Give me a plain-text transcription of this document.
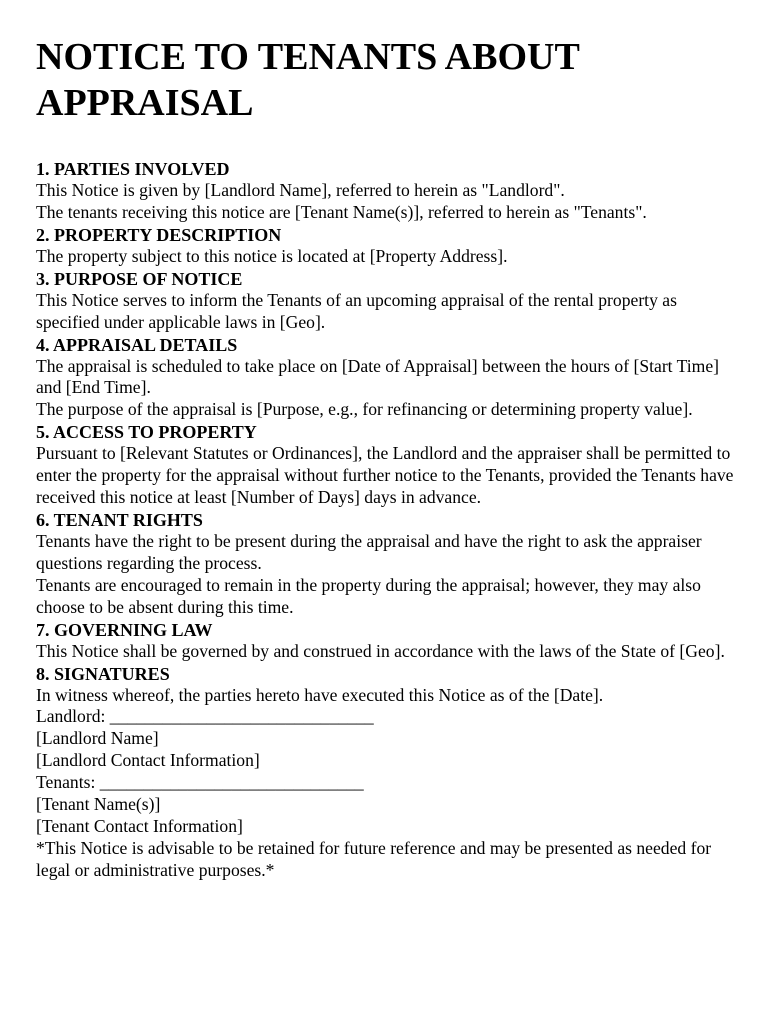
NOTICE TO TENANTS ABOUT APPRAISAL

1. PARTIES INVOLVED

This Notice is given by [Landlord Name], referred to herein as "Landlord".

The tenants receiving this notice are [Tenant Name(s)], referred to herein as "Tenants".

2. PROPERTY DESCRIPTION

The property subject to this notice is located at [Property Address].

3. PURPOSE OF NOTICE

This Notice serves to inform the Tenants of an upcoming appraisal of the rental property as specified under applicable laws in [Geo].

4. APPRAISAL DETAILS

The appraisal is scheduled to take place on [Date of Appraisal] between the hours of [Start Time] and [End Time].

The purpose of the appraisal is [Purpose, e.g., for refinancing or determining property value].

5. ACCESS TO PROPERTY

Pursuant to [Relevant Statutes or Ordinances], the Landlord and the appraiser shall be permitted to enter the property for the appraisal without further notice to the Tenants, provided the Tenants have received this notice at least [Number of Days] days in advance.

6. TENANT RIGHTS

Tenants have the right to be present during the appraisal and have the right to ask the appraiser questions regarding the process.

Tenants are encouraged to remain in the property during the appraisal; however, they may also choose to be absent during this time.

7. GOVERNING LAW

This Notice shall be governed by and construed in accordance with the laws of the State of [Geo].

8. SIGNATURES

In witness whereof, the parties hereto have executed this Notice as of the [Date].

Landlord: ______________________________

[Landlord Name]

[Landlord Contact Information]

Tenants: ______________________________

[Tenant Name(s)]

[Tenant Contact Information]

*This Notice is advisable to be retained for future reference and may be presented as needed for legal or administrative purposes.*
